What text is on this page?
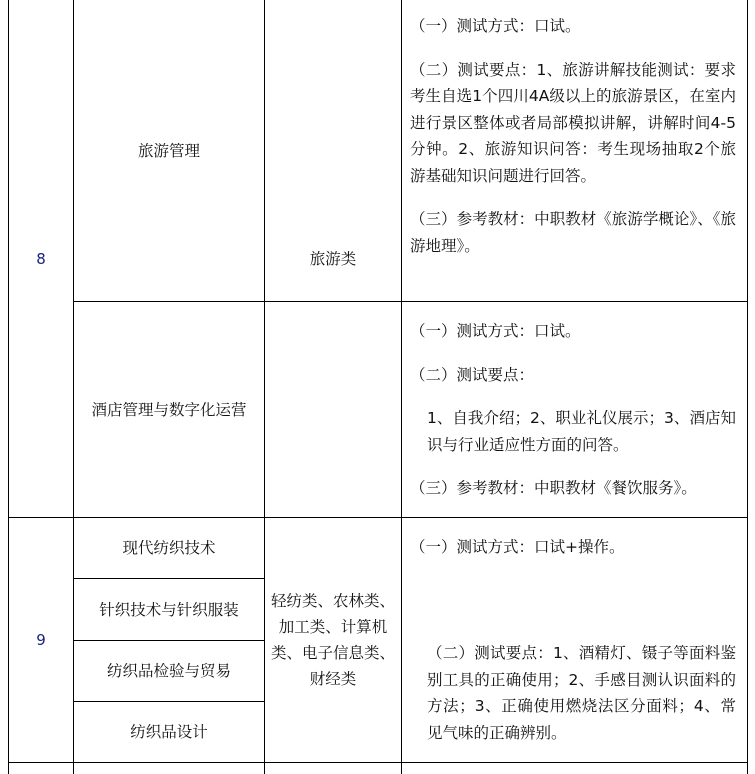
8
旅游管理
酒店管理与数字化运营
旅游类

（一）测试方式：口试。

（二）测试要点：1、旅游讲解技能测试：要求考生自选1个四川4A级以上的旅游景区，在室内进行景区整体或者局部模拟讲解，讲解时间4-5分钟。2、旅游知识问答：考生现场抽取2个旅游基础知识问题进行回答。

（三）参考教材：中职教材《旅游学概论》、《旅游地理》。

（一）测试方式：口试。

（二）测试要点：

1、自我介绍；2、职业礼仪展示；3、酒店知识与行业适应性方面的问答。

（三）参考教材：中职教材《餐饮服务》。

9
现代纺织技术
针织技术与针织服装
纺织品检验与贸易
纺织品设计
轻纺类、农林类、加工类、计算机类、电子信息类、财经类

（一）测试方式：口试+操作。

（二）测试要点：1、酒精灯、镊子等面料鉴别工具的正确使用；2、手感目测认识面料的方法；3、正确使用燃烧法区分面料；4、常见气味的正确辨别。
